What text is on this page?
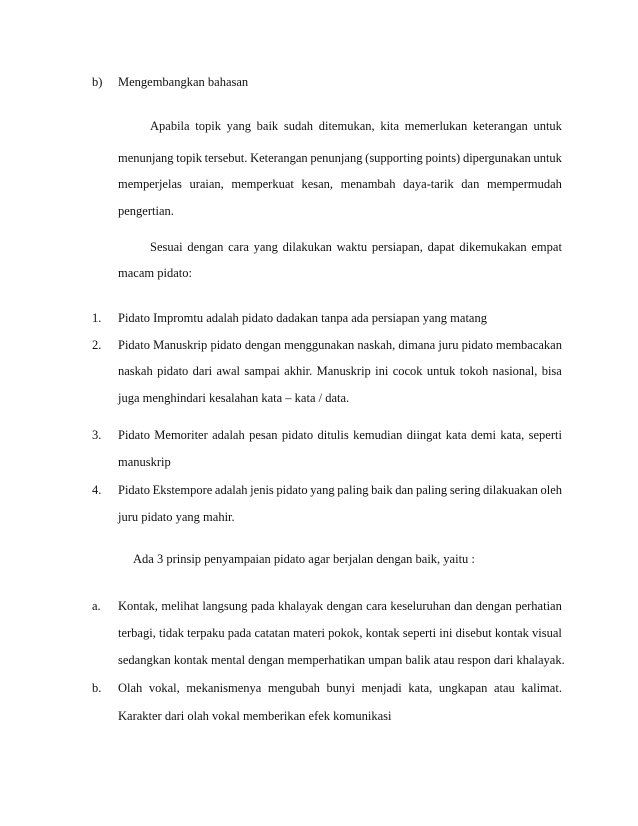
b) Mengembangkan bahasan
Apabila topik yang baik sudah ditemukan, kita memerlukan keterangan untuk
menunjang topik tersebut. Keterangan penunjang (supporting points) dipergunakan untuk
memperjelas uraian, memperkuat kesan, menambah daya-tarik dan mempermudah
pengertian.
Sesuai dengan cara yang dilakukan waktu persiapan, dapat dikemukakan empat
macam pidato:
1. Pidato Impromtu adalah pidato dadakan tanpa ada persiapan yang matang
2. Pidato Manuskrip pidato dengan menggunakan naskah, dimana juru pidato membacakan
naskah pidato dari awal sampai akhir. Manuskrip ini cocok untuk tokoh nasional, bisa
juga menghindari kesalahan kata – kata / data.
3. Pidato Memoriter adalah pesan pidato ditulis kemudian diingat kata demi kata, seperti
manuskrip
4. Pidato Ekstempore adalah jenis pidato yang paling baik dan paling sering dilakuakan oleh
juru pidato yang mahir.
Ada 3 prinsip penyampaian pidato agar berjalan dengan baik, yaitu :
a. Kontak, melihat langsung pada khalayak dengan cara keseluruhan dan dengan perhatian
terbagi, tidak terpaku pada catatan materi pokok, kontak seperti ini disebut kontak visual
sedangkan kontak mental dengan memperhatikan umpan balik atau respon dari khalayak.
b. Olah vokal, mekanismenya mengubah bunyi menjadi kata, ungkapan atau kalimat.
Karakter dari olah vokal memberikan efek komunikasi
